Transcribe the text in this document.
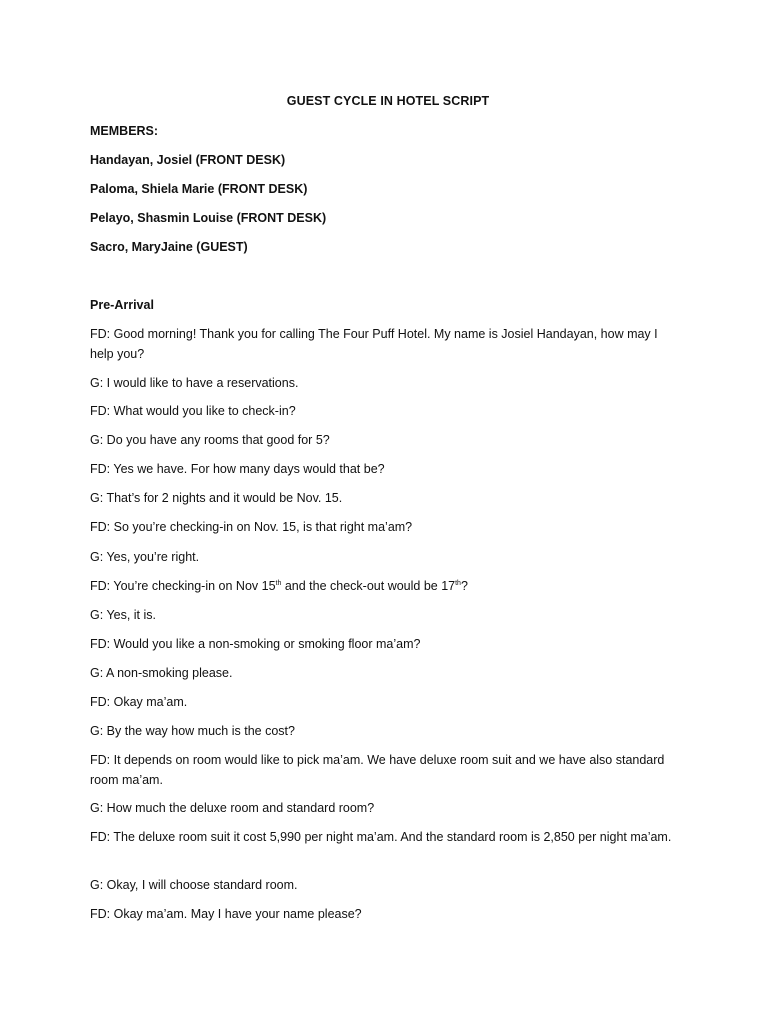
GUEST CYCLE IN HOTEL SCRIPT
MEMBERS:
Handayan, Josiel (FRONT DESK)
Paloma, Shiela Marie (FRONT DESK)
Pelayo, Shasmin Louise (FRONT DESK)
Sacro, MaryJaine (GUEST)
Pre-Arrival
FD: Good morning! Thank you for calling The Four Puff Hotel. My name is Josiel Handayan, how may I help you?
G: I would like to have a reservations.
FD: What would you like to check-in?
G: Do you have any rooms that good for 5?
FD: Yes we have. For how many days would that be?
G: That’s for 2 nights and it would be Nov. 15.
FD: So you’re checking-in on Nov. 15, is that right ma’am?
G: Yes, you’re right.
FD: You’re checking-in on Nov 15th and the check-out would be 17th?
G: Yes, it is.
FD: Would you like a non-smoking or smoking floor ma’am?
G: A non-smoking please.
FD: Okay ma’am.
G: By the way how much is the cost?
FD: It depends on room would like to pick ma’am. We have deluxe room suit and we have also standard room ma’am.
G: How much the deluxe room and standard room?
FD: The deluxe room suit it cost 5,990 per night ma’am. And the standard room is 2,850 per night ma’am.
G: Okay, I will choose standard room.
FD: Okay ma’am. May I have your name please?
